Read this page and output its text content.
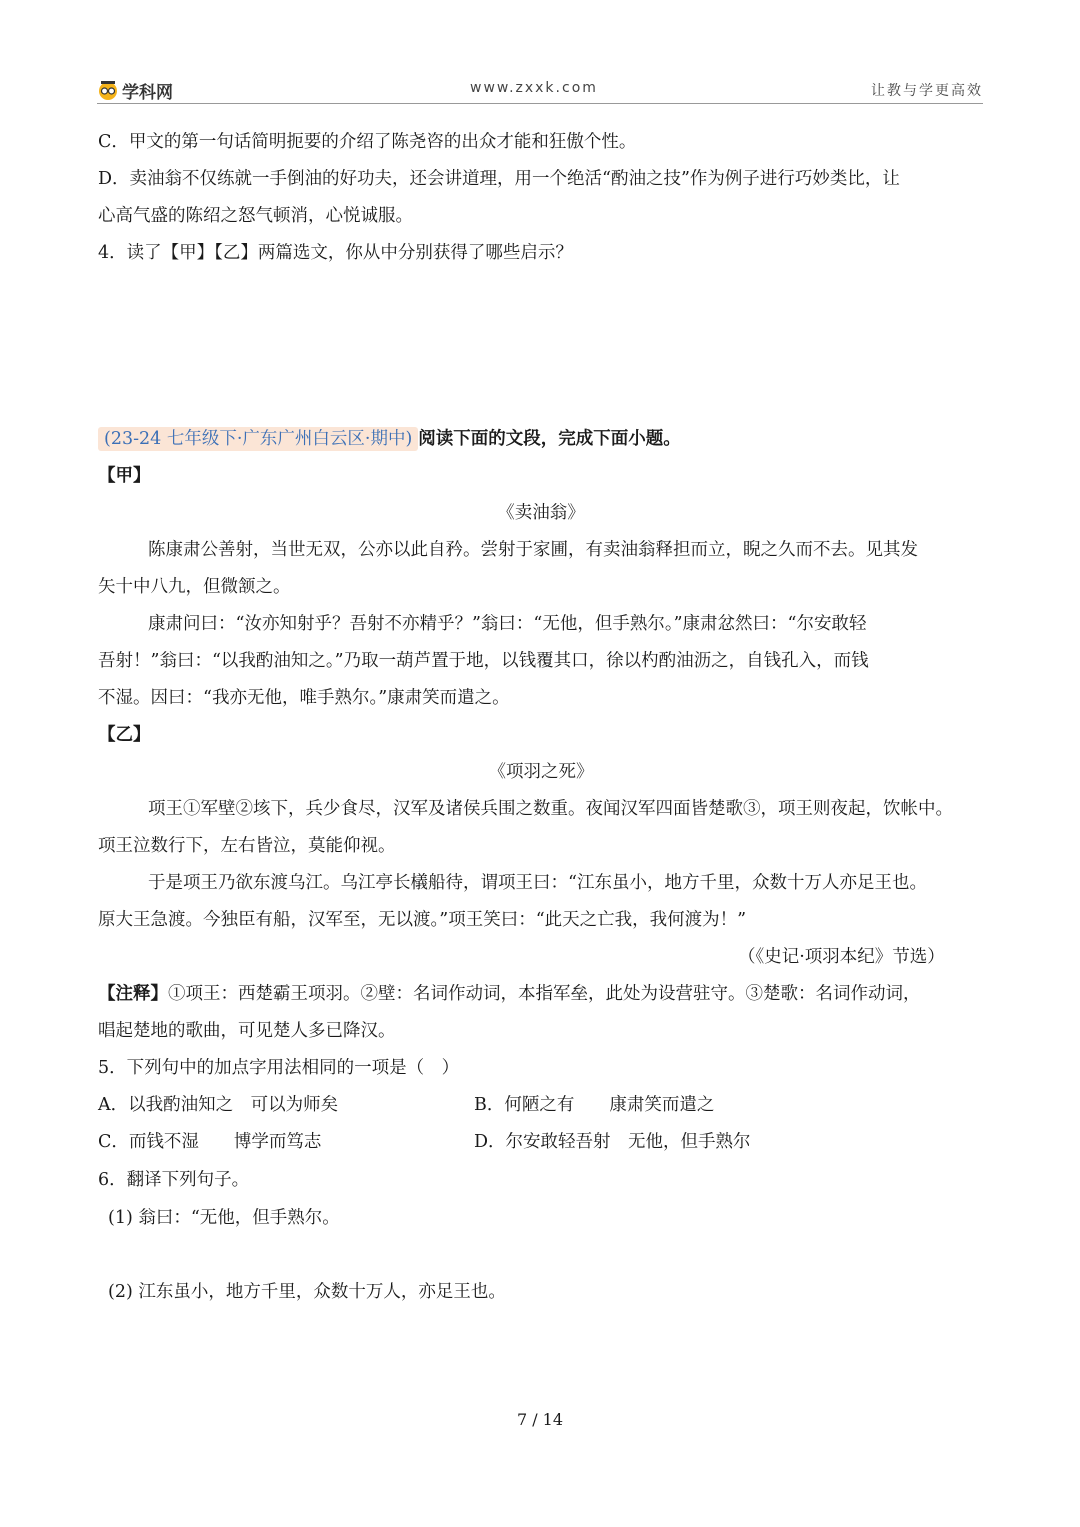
学科网	www.zxxk.com	让教与学更高效
C．甲文的第一句话简明扼要的介绍了陈尧咨的出众才能和狂傲个性。
D．卖油翁不仅练就一手倒油的好功夫，还会讲道理，用一个绝活“酌油之技”作为例子进行巧妙类比，让
心高气盛的陈绍之怒气顿消，心悦诚服。
4．读了【甲】【乙】两篇选文，你从中分别获得了哪些启示？
(23-24 七年级下·广东广州白云区·期中) 阅读下面的文段，完成下面小题。
【甲】
《卖油翁》
陈康肃公善射，当世无双，公亦以此自矜。尝射于家圃，有卖油翁释担而立，睨之久而不去。见其发
矢十中八九，但微颔之。
康肃问曰：“汝亦知射乎？吾射不亦精乎？”翁曰：“无他，但手熟尔。”康肃忿然曰：“尔安敢轻
吾射！”翁曰：“以我酌油知之。”乃取一葫芦置于地，以钱覆其口，徐以杓酌油沥之，自钱孔入，而钱
不湿。因曰：“我亦无他，唯手熟尔。”康肃笑而遣之。
【乙】
《项羽之死》
项王①军壁②垓下，兵少食尽，汉军及诸侯兵围之数重。夜闻汉军四面皆楚歌③，项王则夜起，饮帐中。
项王泣数行下，左右皆泣，莫能仰视。
于是项王乃欲东渡乌江。乌江亭长檥船待，谓项王曰：“江东虽小，地方千里，众数十万人亦足王也。
原大王急渡。今独臣有船，汉军至，无以渡。”项王笑曰：“此天之亡我，我何渡为！”
（《史记·项羽本纪》节选）
【注释】①项王：西楚霸王项羽。②壁：名词作动词，本指军垒，此处为设营驻守。③楚歌：名词作动词，
唱起楚地的歌曲，可见楚人多已降汉。
5．下列句中的加点字用法相同的一项是（　）
A．以我酌油知之　可以为师矣	B．何陋之有　　康肃笑而遣之
C．而钱不湿　　博学而笃志	D．尔安敢轻吾射　无他，但手熟尔
6．翻译下列句子。
(1) 翁曰：“无他，但手熟尔。
(2) 江东虽小，地方千里，众数十万人，亦足王也。
7 / 14
